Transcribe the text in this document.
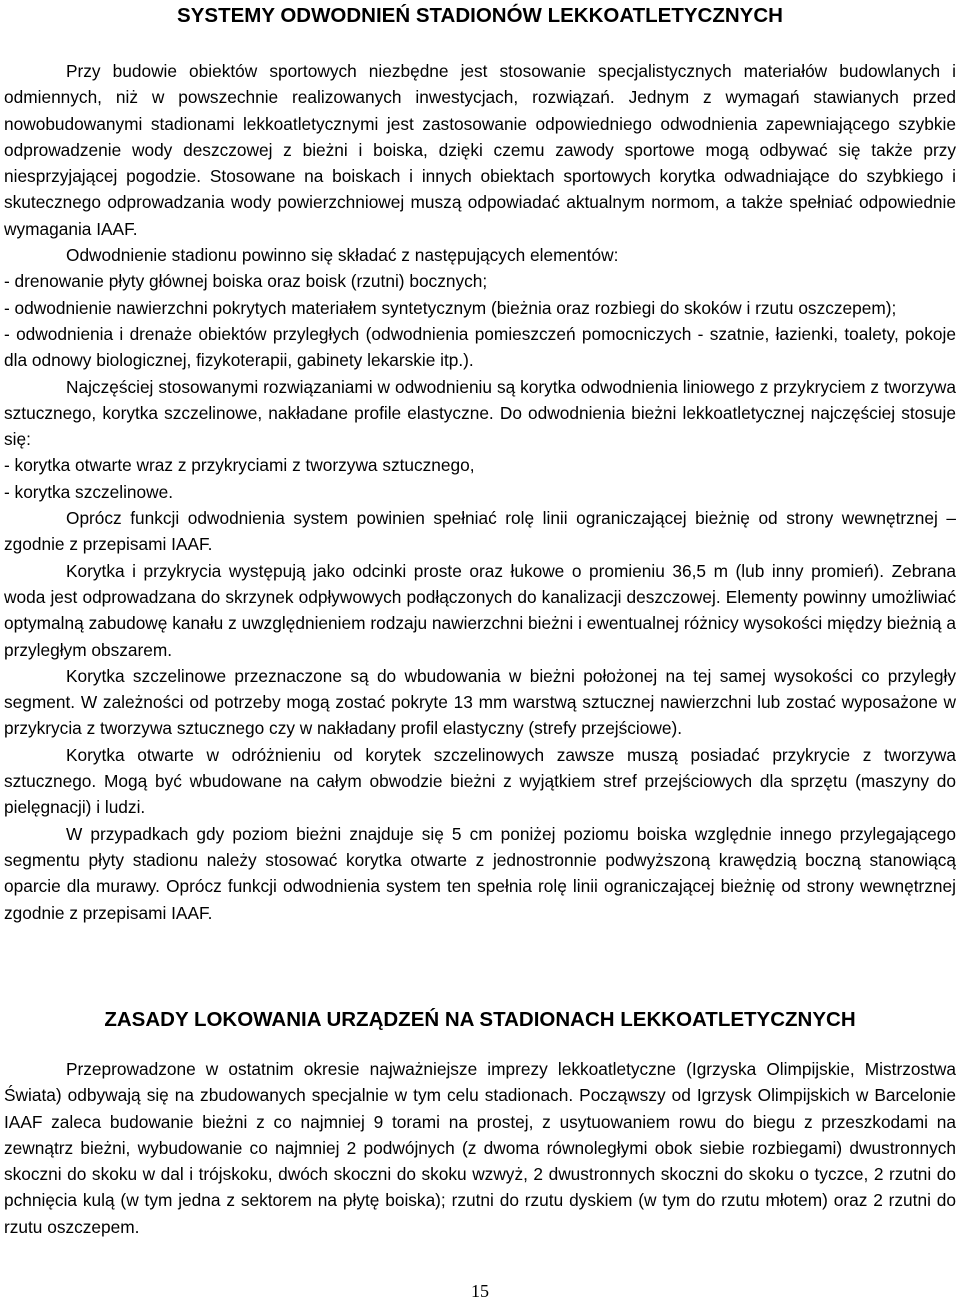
SYSTEMY ODWODNIEŃ STADIONÓW LEKKOATLETYCZNYCH

Przy budowie obiektów sportowych niezbędne jest stosowanie specjalistycznych materiałów budowlanych i odmiennych, niż w powszechnie realizowanych inwestycjach, rozwiązań. Jednym z wymagań stawianych przed nowobudowanymi stadionami lekkoatletycznymi jest zastosowanie odpowiedniego odwodnienia zapewniającego szybkie odprowadzenie wody deszczowej z bieżni i boiska, dzięki czemu zawody sportowe mogą odbywać się także przy niesprzyjającej pogodzie. Stosowane na boiskach i innych obiektach sportowych korytka odwadniające do szybkiego i skutecznego odprowadzania wody powierzchniowej muszą odpowiadać aktualnym normom, a także spełniać odpowiednie wymagania IAAF.

Odwodnienie stadionu powinno się składać z następujących elementów:

- drenowanie płyty głównej boiska oraz boisk (rzutni) bocznych;

- odwodnienie nawierzchni pokrytych materiałem syntetycznym (bieżnia oraz rozbiegi do skoków i rzutu oszczepem);

- odwodnienia i drenaże obiektów przyległych (odwodnienia pomieszczeń pomocniczych - szatnie, łazienki, toalety, pokoje dla odnowy biologicznej, fizykoterapii, gabinety lekarskie itp.).

Najczęściej stosowanymi rozwiązaniami w odwodnieniu są korytka odwodnienia liniowego z przykryciem z tworzywa sztucznego, korytka szczelinowe, nakładane profile elastyczne. Do odwodnienia bieżni lekkoatletycznej najczęściej stosuje się:

- korytka otwarte wraz z przykryciami z tworzywa sztucznego,

- korytka szczelinowe.

Oprócz funkcji odwodnienia system powinien spełniać rolę linii ograniczającej bieżnię od strony wewnętrznej – zgodnie z przepisami IAAF.

Korytka i przykrycia występują jako odcinki proste oraz łukowe o promieniu 36,5 m (lub inny promień). Zebrana woda jest odprowadzana do skrzynek odpływowych podłączonych do kanalizacji deszczowej. Elementy powinny umożliwiać optymalną zabudowę kanału z uwzględnieniem rodzaju nawierzchni bieżni i ewentualnej różnicy wysokości między bieżnią a przyległym obszarem.

Korytka szczelinowe przeznaczone są do wbudowania w bieżni położonej na tej samej wysokości co przyległy segment. W zależności od potrzeby mogą zostać pokryte 13 mm warstwą sztucznej nawierzchni lub zostać wyposażone w przykrycia z tworzywa sztucznego czy w nakładany profil elastyczny (strefy przejściowe).

Korytka otwarte w odróżnieniu od korytek szczelinowych zawsze muszą posiadać przykrycie z tworzywa sztucznego. Mogą być wbudowane na całym obwodzie bieżni z wyjątkiem stref przejściowych dla sprzętu (maszyny do pielęgnacji) i ludzi.

W przypadkach gdy poziom bieżni znajduje się 5 cm poniżej poziomu boiska względnie innego przylegającego segmentu płyty stadionu należy stosować korytka otwarte z jednostronnie podwyższoną krawędzią boczną stanowiącą oparcie dla murawy. Oprócz funkcji odwodnienia system ten spełnia rolę linii ograniczającej bieżnię od strony wewnętrznej zgodnie z przepisami IAAF.

ZASADY LOKOWANIA URZĄDZEŃ NA STADIONACH LEKKOATLETYCZNYCH

Przeprowadzone w ostatnim okresie najważniejsze imprezy lekkoatletyczne (Igrzyska Olimpijskie, Mistrzostwa Świata) odbywają się na zbudowanych specjalnie w tym celu stadionach. Począwszy od Igrzysk Olimpijskich w Barcelonie IAAF zaleca budowanie bieżni z co najmniej 9 torami na prostej, z usytuowaniem rowu do biegu z przeszkodami na zewnątrz bieżni, wybudowanie co najmniej 2 podwójnych (z dwoma równoległymi obok siebie rozbiegami) dwustronnych skoczni do skoku w dal i trójskoku, dwóch skoczni do skoku wzwyż, 2 dwustronnych skoczni do skoku o tyczce, 2 rzutni do pchnięcia kulą (w tym jedna z sektorem na płytę boiska); rzutni do rzutu dyskiem (w tym do rzutu młotem) oraz 2 rzutni do rzutu oszczepem.

15
